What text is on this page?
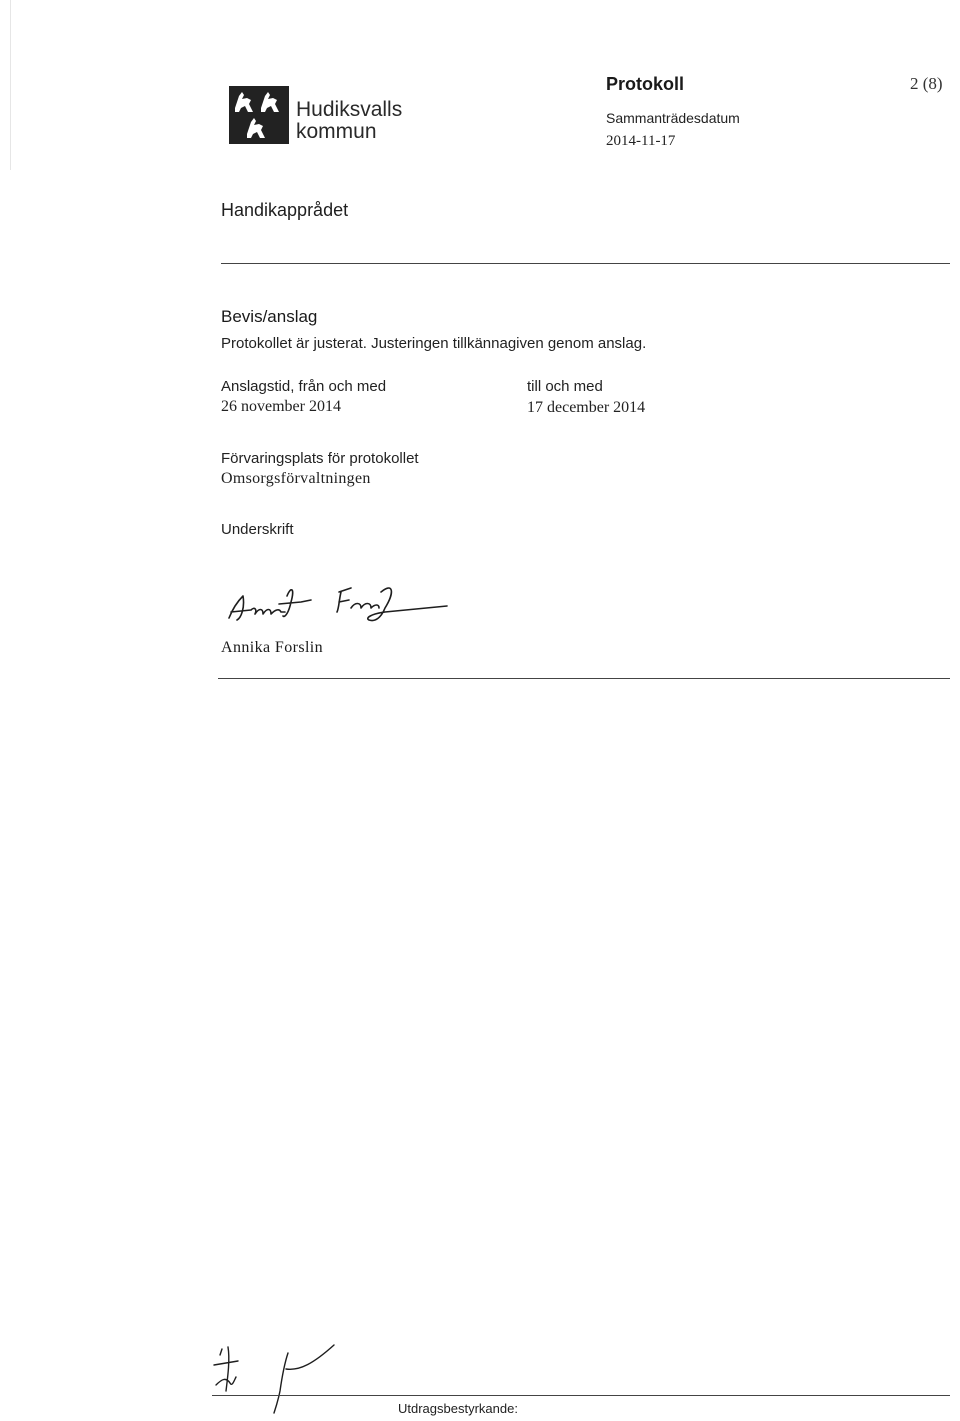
Hudiksvalls
kommun
Protokoll	2 (8)
Sammanträdesdatum
2014-11-17
Handikapprådet
Bevis/anslag
Protokollet är justerat. Justeringen tillkännagiven genom anslag.
Anslagstid, från och med
26 november 2014
till och med
17 december 2014
Förvaringsplats för protokollet
Omsorgsförvaltningen
Underskrift
Annika Forslin
Utdragsbestyrkande:
